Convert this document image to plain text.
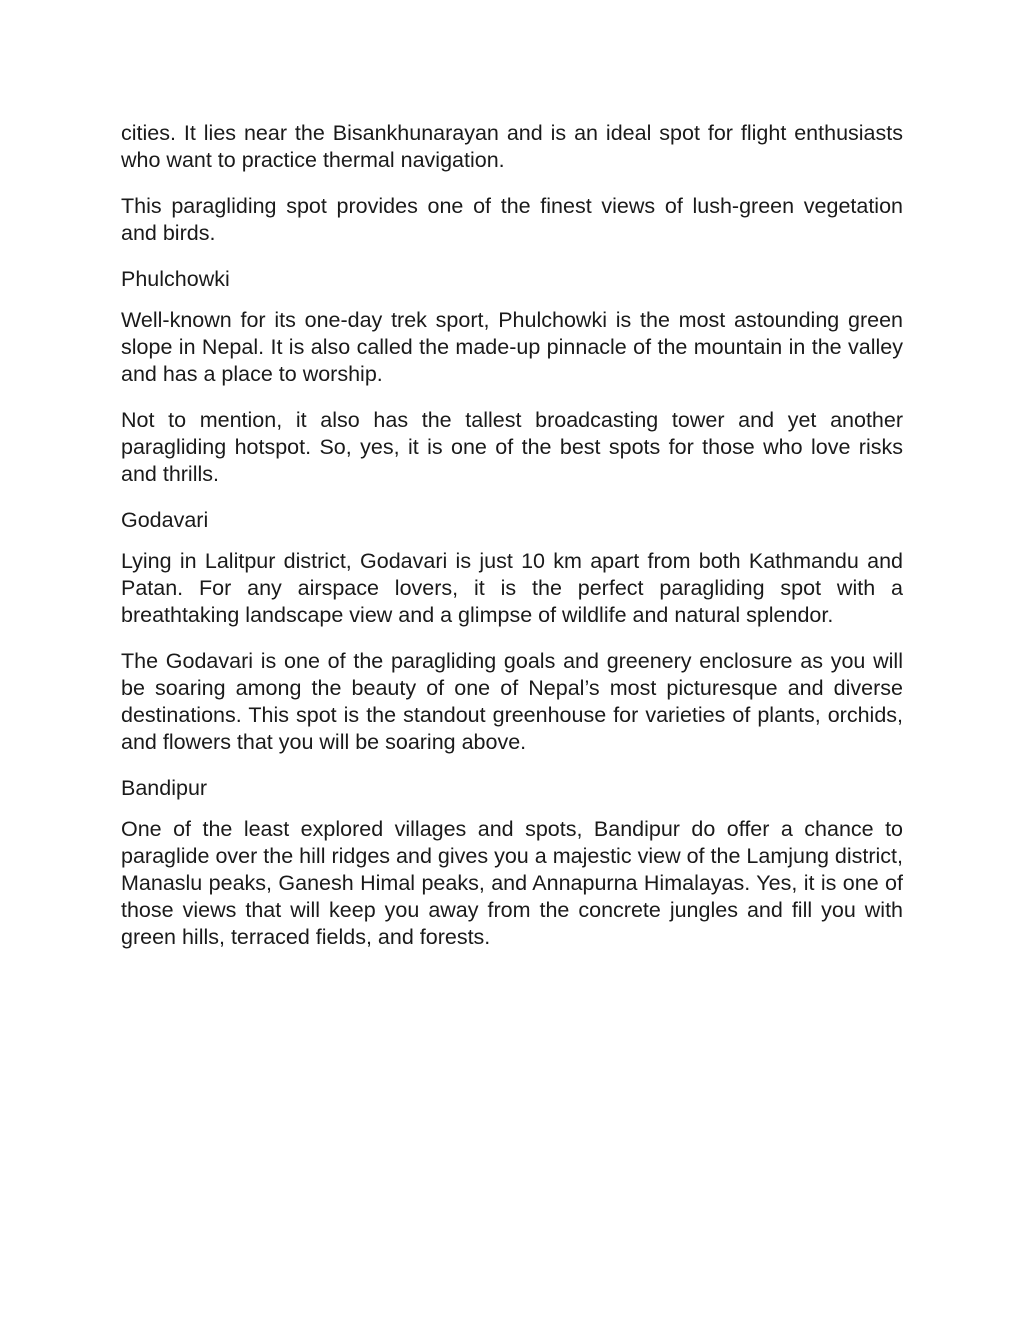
cities. It lies near the Bisankhunarayan and is an ideal spot for flight enthusiasts who want to practice thermal navigation.

This paragliding spot provides one of the finest views of lush-green vegetation and birds.

Phulchowki

Well-known for its one-day trek sport, Phulchowki is the most astounding green slope in Nepal. It is also called the made-up pinnacle of the mountain in the valley and has a place to worship.

Not to mention, it also has the tallest broadcasting tower and yet another paragliding hotspot. So, yes, it is one of the best spots for those who love risks and thrills.

Godavari

Lying in Lalitpur district, Godavari is just 10 km apart from both Kathmandu and Patan. For any airspace lovers, it is the perfect paragliding spot with a breathtaking landscape view and a glimpse of wildlife and natural splendor.

The Godavari is one of the paragliding goals and greenery enclosure as you will be soaring among the beauty of one of Nepal’s most picturesque and diverse destinations. This spot is the standout greenhouse for varieties of plants, orchids, and flowers that you will be soaring above.

Bandipur

One of the least explored villages and spots, Bandipur do offer a chance to paraglide over the hill ridges and gives you a majestic view of the Lamjung district, Manaslu peaks, Ganesh Himal peaks, and Annapurna Himalayas. Yes, it is one of those views that will keep you away from the concrete jungles and fill you with green hills, terraced fields, and forests.
